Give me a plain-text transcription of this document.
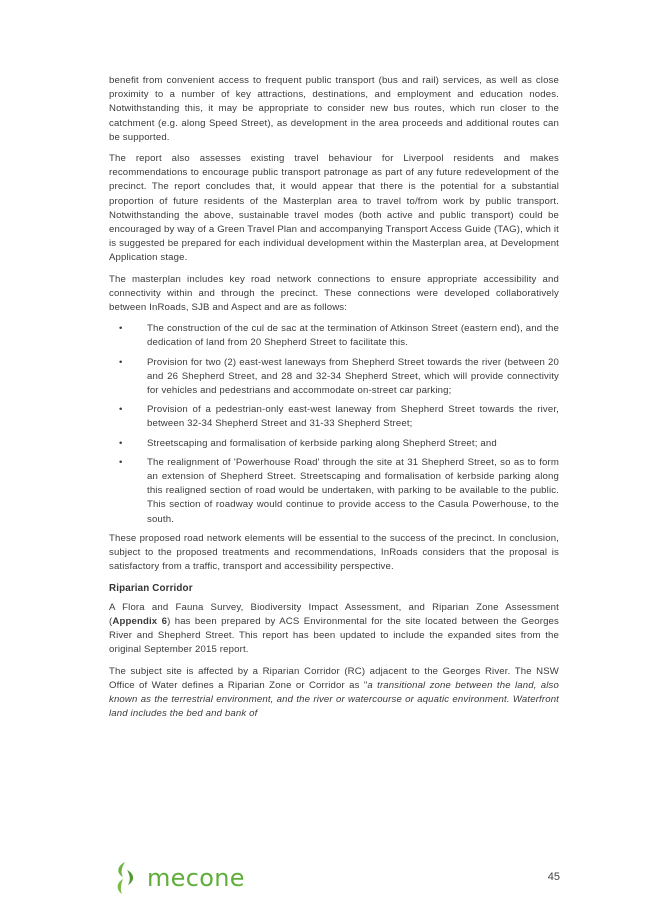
benefit from convenient access to frequent public transport (bus and rail) services, as well as close proximity to a number of key attractions, destinations, and employment and education nodes. Notwithstanding this, it may be appropriate to consider new bus routes, which run closer to the catchment (e.g. along Speed Street), as development in the area proceeds and additional routes can be supported.

The report also assesses existing travel behaviour for Liverpool residents and makes recommendations to encourage public transport patronage as part of any future redevelopment of the precinct. The report concludes that, it would appear that there is the potential for a substantial proportion of future residents of the Masterplan area to travel to/from work by public transport. Notwithstanding the above, sustainable travel modes (both active and public transport) could be encouraged by way of a Green Travel Plan and accompanying Transport Access Guide (TAG), which it is suggested be prepared for each individual development within the Masterplan area, at Development Application stage.

The masterplan includes key road network connections to ensure appropriate accessibility and connectivity within and through the precinct. These connections were developed collaboratively between InRoads, SJB and Aspect and are as follows:

• The construction of the cul de sac at the termination of Atkinson Street (eastern end), and the dedication of land from 20 Shepherd Street to facilitate this.
• Provision for two (2) east-west laneways from Shepherd Street towards the river (between 20 and 26 Shepherd Street, and 28 and 32-34 Shepherd Street, which will provide connectivity for vehicles and pedestrians and accommodate on-street car parking;
• Provision of a pedestrian-only east-west laneway from Shepherd Street towards the river, between 32-34 Shepherd Street and 31-33 Shepherd Street;
• Streetscaping and formalisation of kerbside parking along Shepherd Street; and
• The realignment of 'Powerhouse Road' through the site at 31 Shepherd Street, so as to form an extension of Shepherd Street. Streetscaping and formalisation of kerbside parking along this realigned section of road would be undertaken, with parking to be available to the public. This section of roadway would continue to provide access to the Casula Powerhouse, to the south.

These proposed road network elements will be essential to the success of the precinct. In conclusion, subject to the proposed treatments and recommendations, InRoads considers that the proposal is satisfactory from a traffic, transport and accessibility perspective.

Riparian Corridor

A Flora and Fauna Survey, Biodiversity Impact Assessment, and Riparian Zone Assessment (Appendix 6) has been prepared by ACS Environmental for the site located between the Georges River and Shepherd Street. This report has been updated to include the expanded sites from the original September 2015 report.

The subject site is affected by a Riparian Corridor (RC) adjacent to the Georges River. The NSW Office of Water defines a Riparian Zone or Corridor as "a transitional zone between the land, also known as the terrestrial environment, and the river or watercourse or aquatic environment. Waterfront land includes the bed and bank of

mecone	45
